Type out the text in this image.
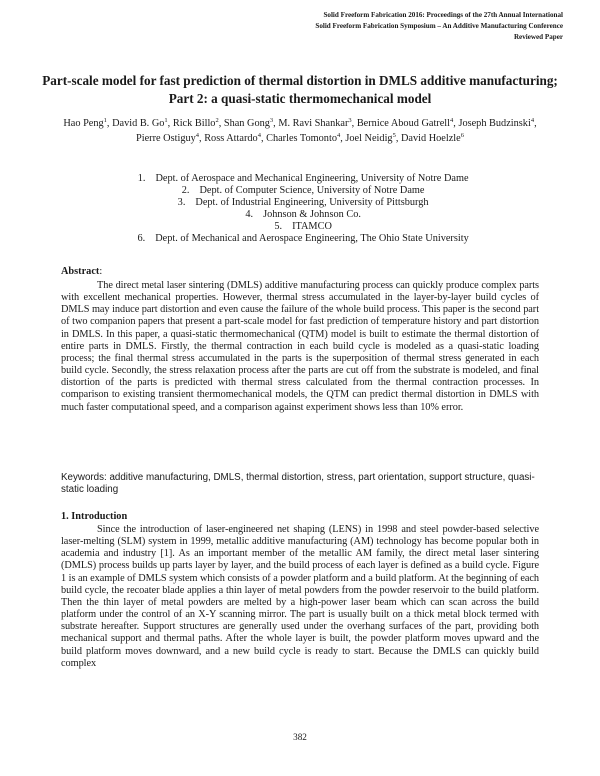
Solid Freeform Fabrication 2016: Proceedings of the 27th Annual International
Solid Freeform Fabrication Symposium – An Additive Manufacturing Conference
Reviewed Paper
Part-scale model for fast prediction of thermal distortion in DMLS additive manufacturing; Part 2: a quasi-static thermomechanical model
Hao Peng$^1$, David B. Go$^1$, Rick Billo$^2$, Shan Gong$^3$, M. Ravi Shankar$^3$, Bernice Aboud Gatrell$^4$, Joseph Budzinski$^4$, Pierre Ostiguy$^4$, Ross Attardo$^4$, Charles Tomonto$^4$, Joel Neidig$^5$, David Hoelzle$^6$
1. Dept. of Aerospace and Mechanical Engineering, University of Notre Dame
2. Dept. of Computer Science, University of Notre Dame
3. Dept. of Industrial Engineering, University of Pittsburgh
4. Johnson & Johnson Co.
5. ITAMCO
6. Dept. of Mechanical and Aerospace Engineering, The Ohio State University
Abstract:

The direct metal laser sintering (DMLS) additive manufacturing process can quickly produce complex parts with excellent mechanical properties. However, thermal stress accumulated in the layer-by-layer build cycles of DMLS may induce part distortion and even cause the failure of the whole build process. This paper is the second part of two companion papers that present a part-scale model for fast prediction of temperature history and part distortion in DMLS. In this paper, a quasi-static thermomechanical (QTM) model is built to estimate the thermal distortion of entire parts in DMLS. Firstly, the thermal contraction in each build cycle is modeled as a quasi-static loading process; the final thermal stress accumulated in the parts is the superposition of thermal stress generated in each build cycle. Secondly, the stress relaxation process after the parts are cut off from the substrate is modeled, and final distortion of the parts is predicted with thermal stress calculated from the thermal contraction processes. In comparison to existing transient thermomechanical models, the QTM can predict thermal distortion in DMLS with much faster computational speed, and a comparison against experiment shows less than 10% error.

Keywords: additive manufacturing, DMLS, thermal distortion, stress, part orientation, support structure, quasi-static loading
1. Introduction

Since the introduction of laser-engineered net shaping (LENS) in 1998 and steel powder-based selective laser-melting (SLM) system in 1999, metallic additive manufacturing (AM) technology has become popular both in academia and industry [1]. As an important member of the metallic AM family, the direct metal laser sintering (DMLS) process builds up parts layer by layer, and the build process of each layer is defined as a build cycle. Figure 1 is an example of DMLS system which consists of a powder platform and a build platform. At the beginning of each build cycle, the recoater blade applies a thin layer of metal powders from the powder reservoir to the build platform. Then the thin layer of metal powders are melted by a high-power laser beam which can scan across the build platform under the control of an X-Y scanning mirror. The part is usually built on a thick metal block termed with substrate hereafter. Support structures are generally used under the overhang surfaces of the part, providing both mechanical support and thermal paths. After the whole layer is built, the powder platform moves upward and the build platform moves downward, and a new build cycle is ready to start. Because the DMLS can quickly build complex

382
